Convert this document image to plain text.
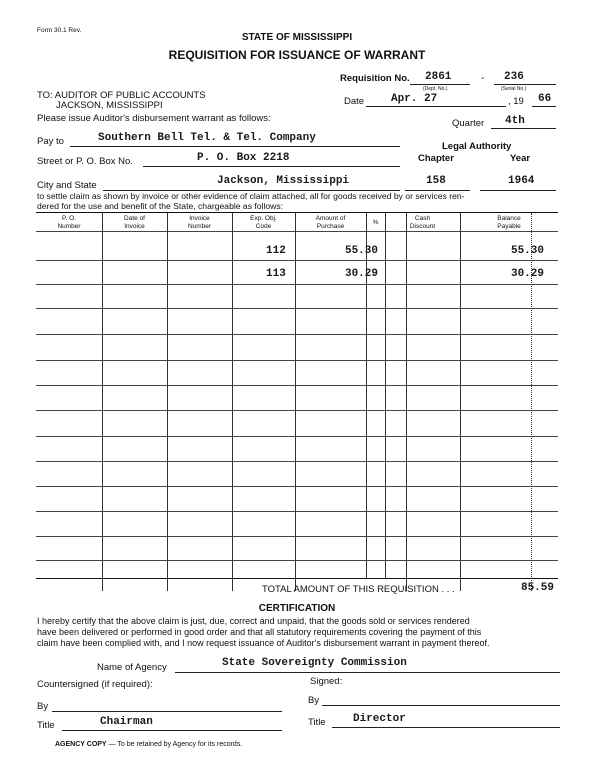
Form 30.1 Rev.
STATE OF MISSISSIPPI
REQUISITION FOR ISSUANCE OF WARRANT
Requisition No. 2861	- 236
(Dept. No.)	(Serial No.)
TO: AUDITOR OF PUBLIC ACCOUNTS
JACKSON, MISSISSIPPI
Please issue Auditor's disbursement warrant as follows:
Date Apr. 27	, 19 66
Quarter 4th
Pay to	Southern Bell Tel. & Tel. Company
Legal Authority
Chapter	Year
Street or P. O. Box No.	P. O. Box 2218
City and State	Jackson, Mississippi	158	1964
to settle claim as shown by invoice or other evidence of claim attached, all for goods received by or services ren-
dered for the use and benefit of the State, chargeable as follows:
P. O.
Number
Date of
Invoice
Invoice
Number
Exp. Obj.
Code
Amount of
Purchase	%
Cash
Discount
Balance
Payable
112	55.30	55.30
113	30.29	30.29
TOTAL AMOUNT OF THIS REQUISITION . . .	85.59
CERTIFICATION
I hereby certify that the above claim is just, due, correct and unpaid, that the goods sold or services rendered
have been delivered or performed in good order and that all statutory requirements covering the payment of this
claim have been complied with, and I now request issuance of Auditor's disbursement warrant in payment thereof.
Name of Agency	State Sovereignty Commission
Countersigned (if required):	Signed:
By
By
Title Director
Title	Chairman
AGENCY COPY — To be retained by Agency for its records.
